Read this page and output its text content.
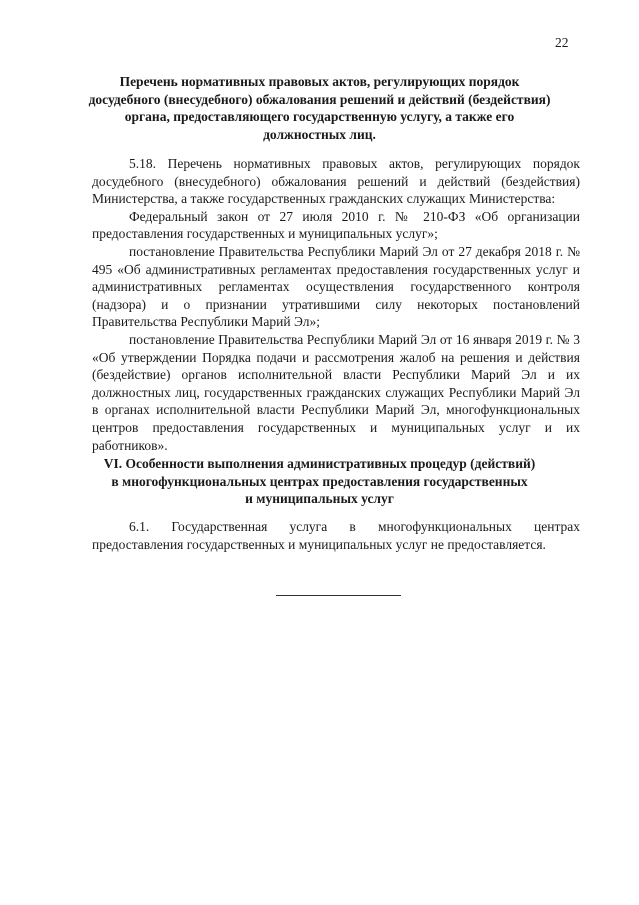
22
Перечень нормативных правовых актов, регулирующих порядок
досудебного (внесудебного) обжалования решений и действий (бездействия)
органа, предоставляющего государственную услугу, а также его
должностных лиц.

5.18. Перечень нормативных правовых актов, регулирующих порядок досудебного (внесудебного) обжалования решений и действий (бездействия) Министерства, а также государственных гражданских служащих Министерства:

Федеральный закон от 27 июля 2010 г. № 210-ФЗ «Об организации предоставления государственных и муниципальных услуг»;

постановление Правительства Республики Марий Эл от 27 декабря 2018 г. № 495 «Об административных регламентах предоставления государственных услуг и административных регламентах осуществления государственного контроля (надзора) и о признании утратившими силу некоторых постановлений Правительства Республики Марий Эл»;

постановление Правительства Республики Марий Эл от 16 января 2019 г. № 3 «Об утверждении Порядка подачи и рассмотрения жалоб на решения и действия (бездействие) органов исполнительной власти Республики Марий Эл и их должностных лиц, государственных гражданских служащих Республики Марий Эл в органах исполнительной власти Республики Марий Эл, многофункциональных центров предоставления государственных и муниципальных услуг и их работников».

VI. Особенности выполнения административных процедур (действий)
в многофункциональных центрах предоставления государственных
и муниципальных услуг

6.1. Государственная услуга в многофункциональных центрах предоставления государственных и муниципальных услуг не предоставляется.
